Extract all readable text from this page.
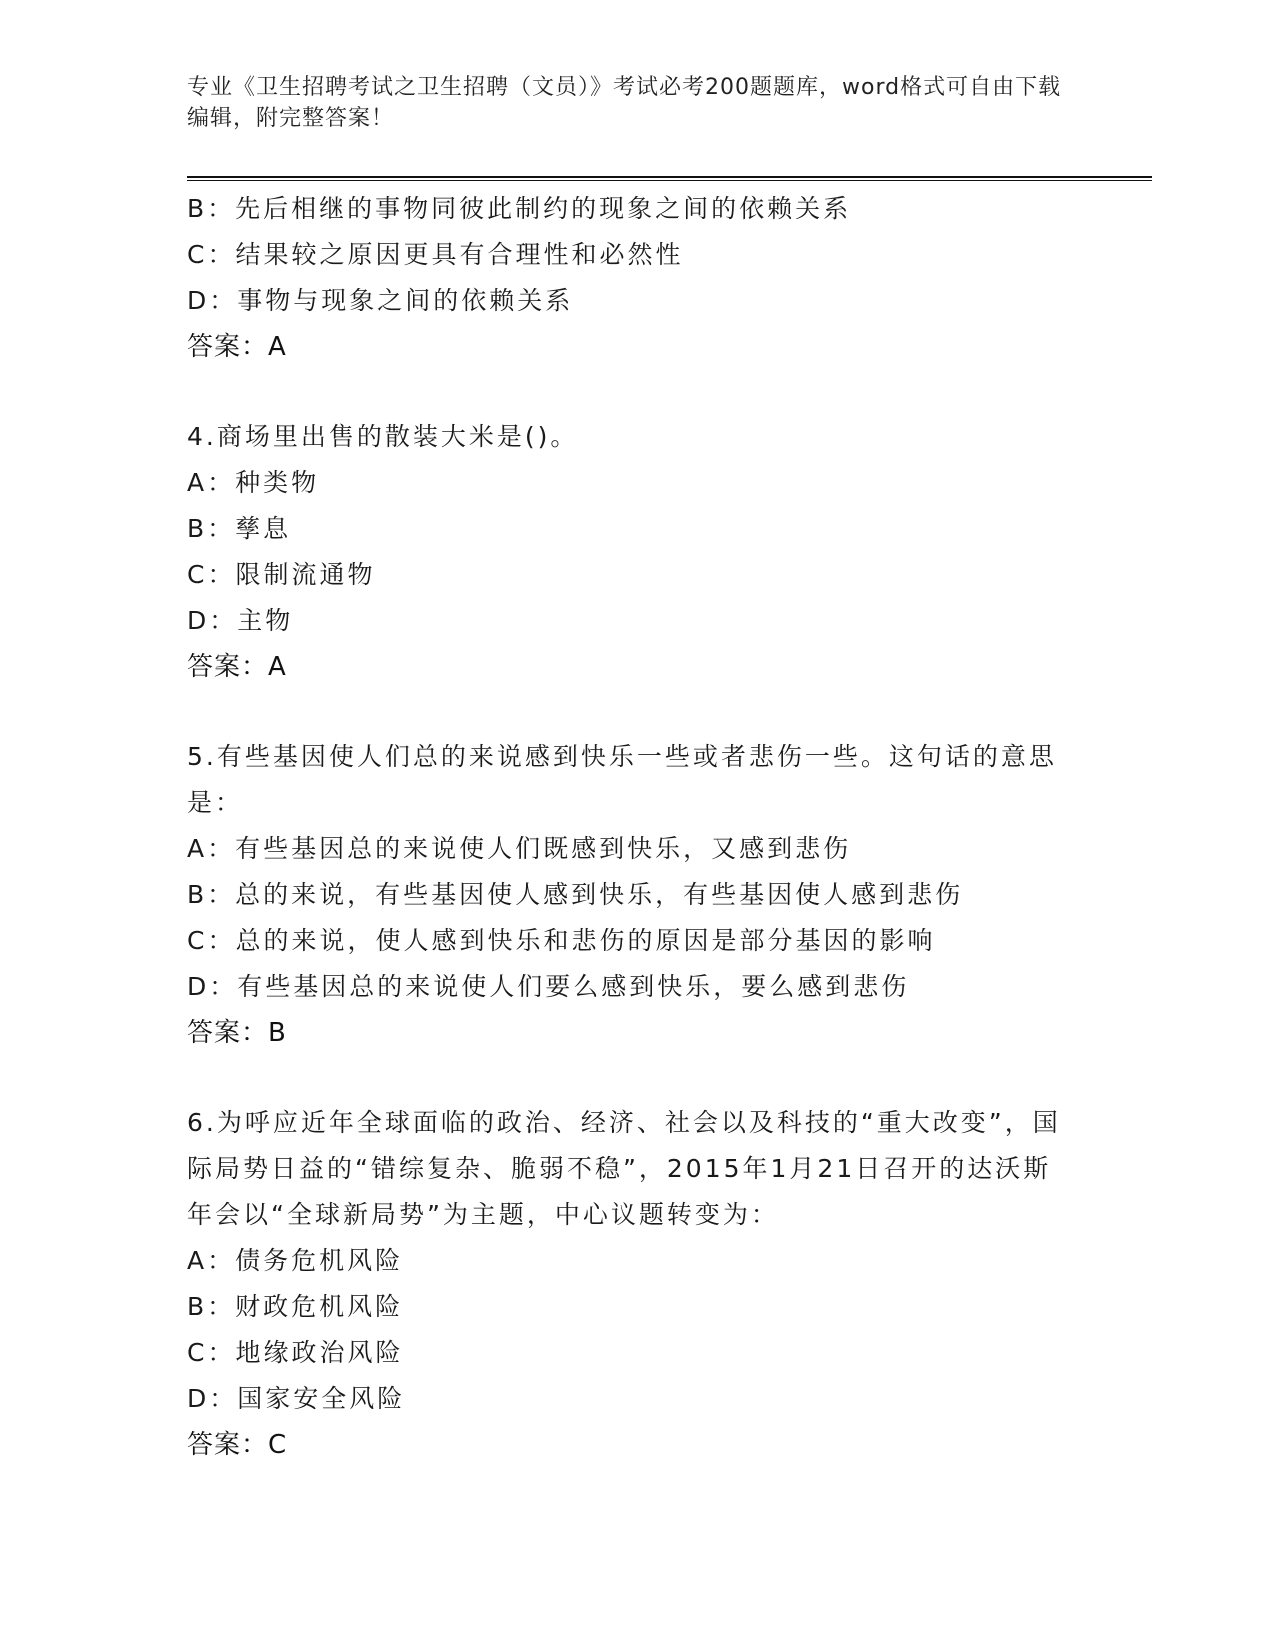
专业《卫生招聘考试之卫生招聘（文员）》考试必考200题题库，word格式可自由下载编辑，附完整答案！
B：先后相继的事物同彼此制约的现象之间的依赖关系
C：结果较之原因更具有合理性和必然性
D：事物与现象之间的依赖关系
答案：A
4.商场里出售的散装大米是()。
A：种类物
B：孳息
C：限制流通物
D：主物
答案：A
5.有些基因使人们总的来说感到快乐一些或者悲伤一些。这句话的意思是：
A：有些基因总的来说使人们既感到快乐，又感到悲伤
B：总的来说，有些基因使人感到快乐，有些基因使人感到悲伤
C：总的来说，使人感到快乐和悲伤的原因是部分基因的影响
D：有些基因总的来说使人们要么感到快乐，要么感到悲伤
答案：B
6.为呼应近年全球面临的政治、经济、社会以及科技的“重大改变”，国际局势日益的“错综复杂、脆弱不稳”，2015年1月21日召开的达沃斯年会以“全球新局势”为主题，中心议题转变为：
A：债务危机风险
B：财政危机风险
C：地缘政治风险
D：国家安全风险
答案：C
